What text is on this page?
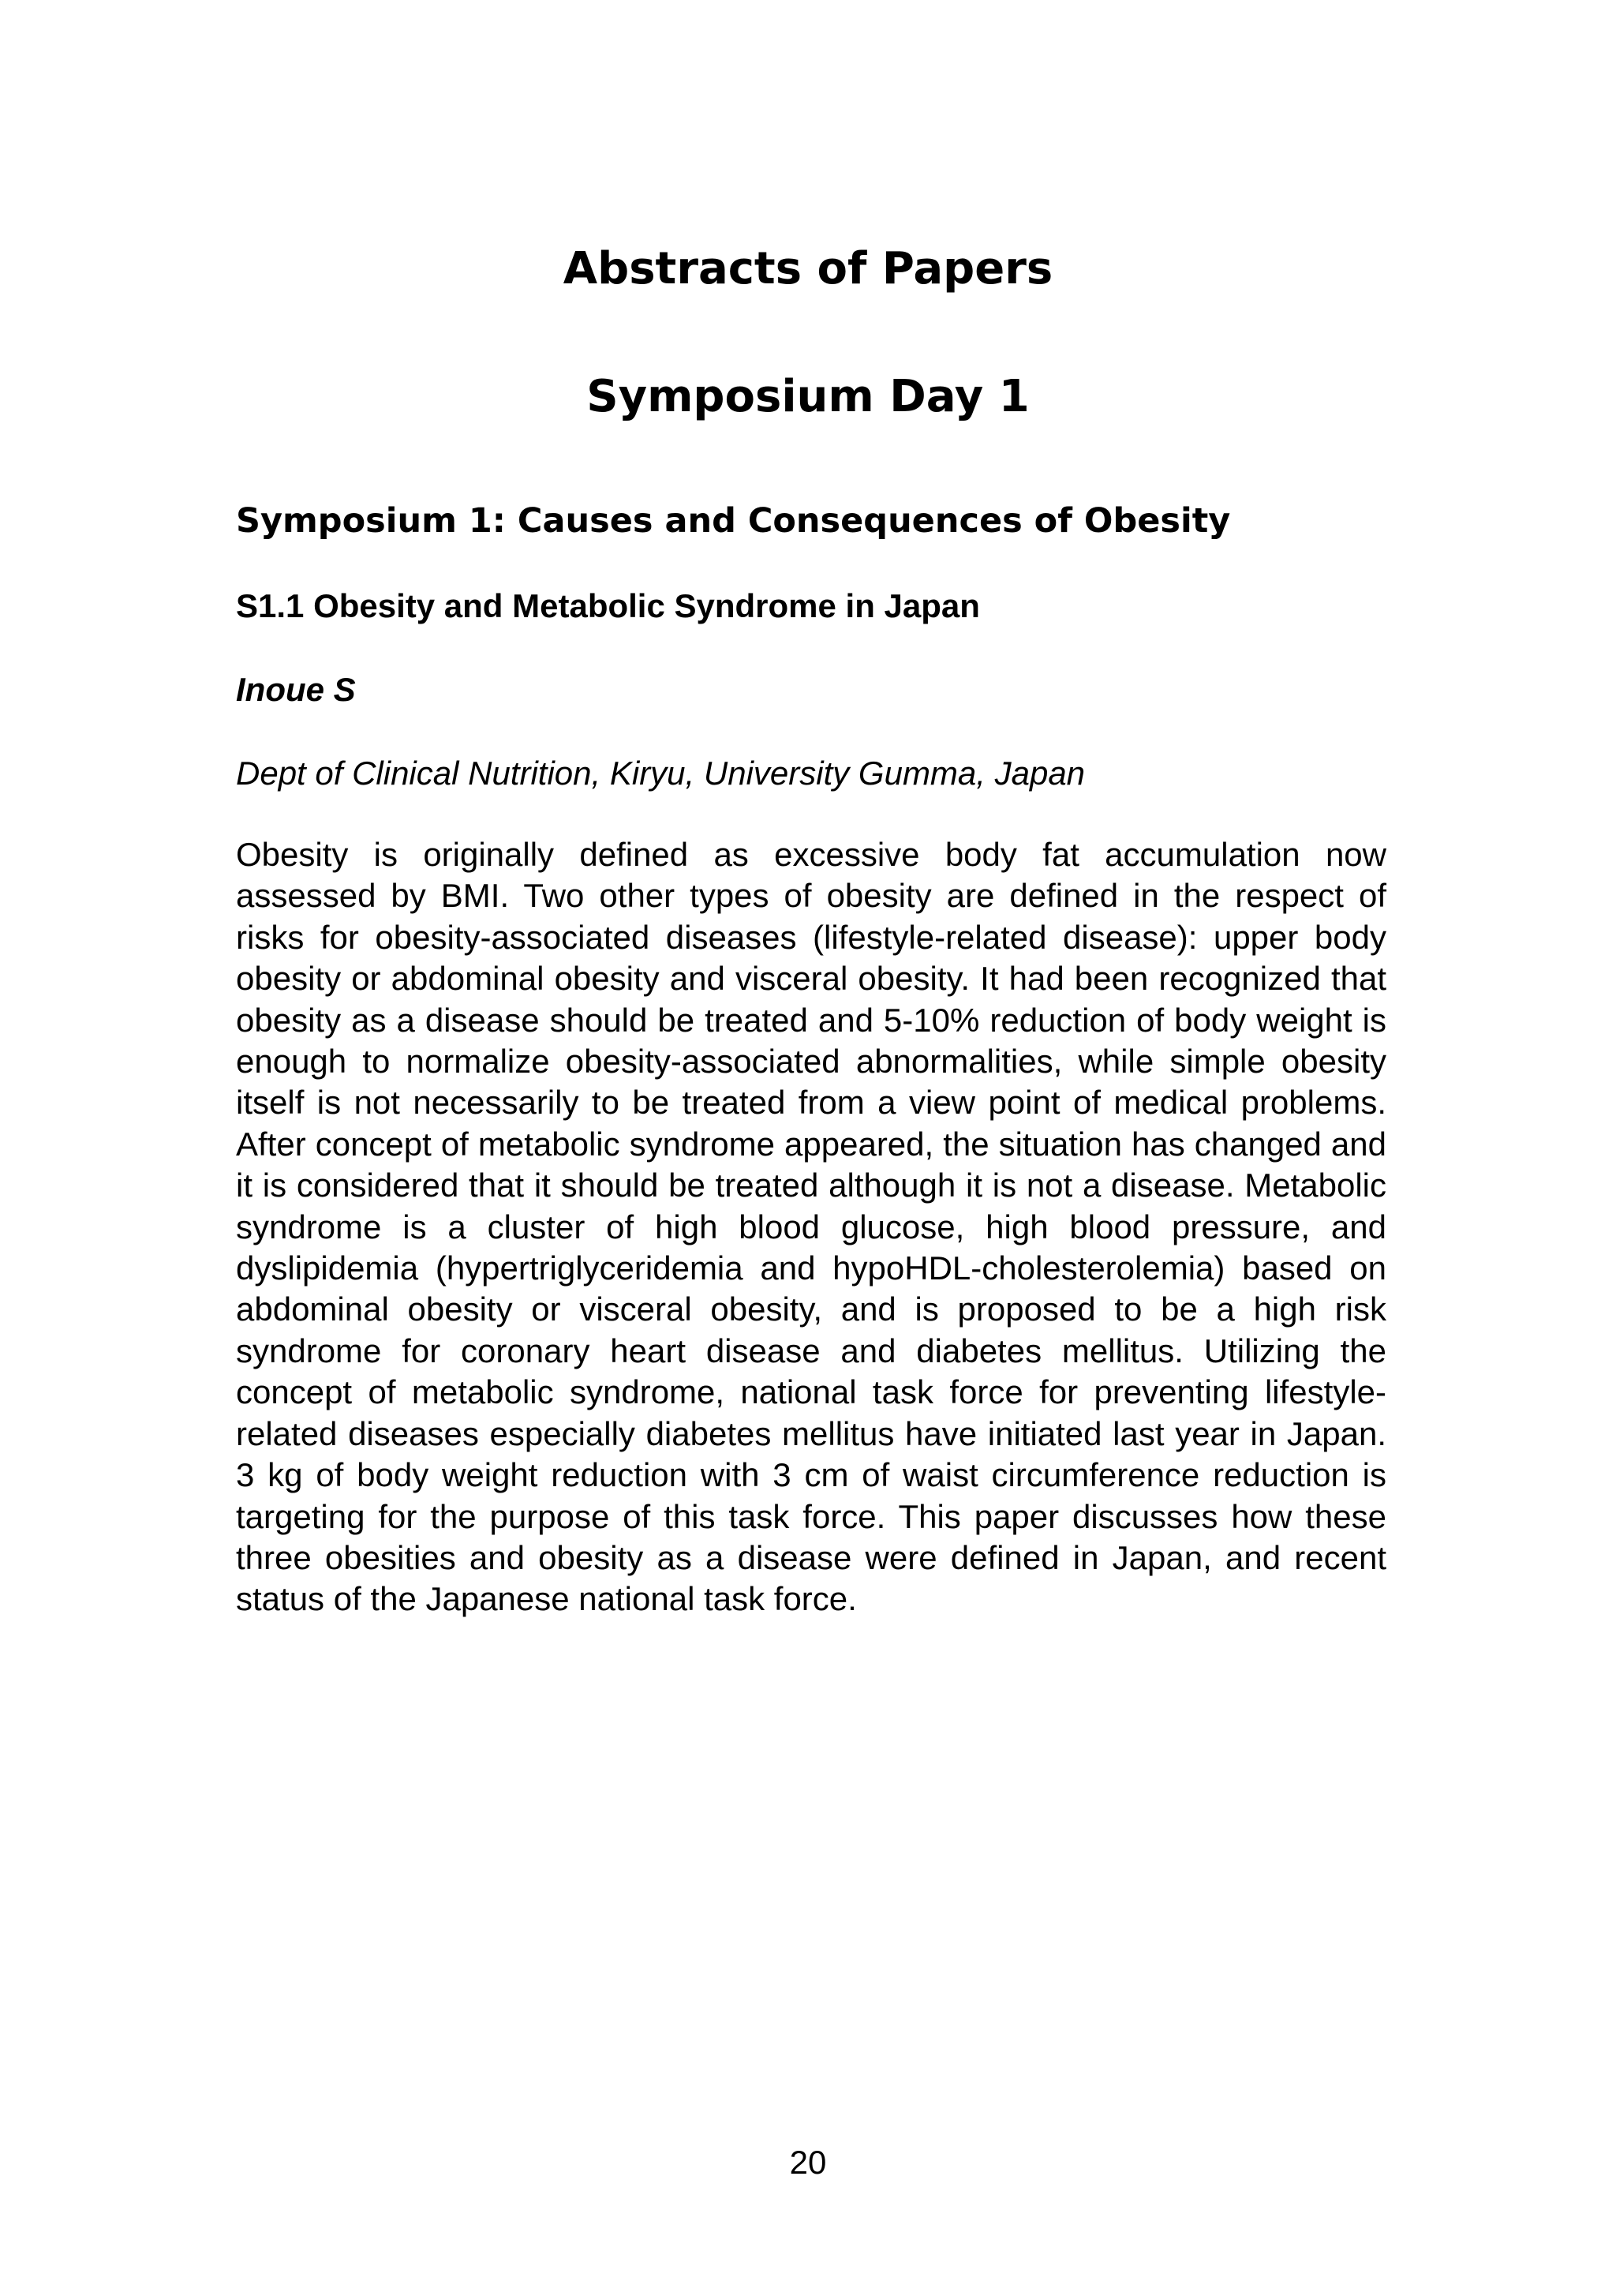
Abstracts of Papers
Symposium Day 1
Symposium 1: Causes and Consequences of Obesity
S1.1 Obesity and Metabolic Syndrome in Japan

Inoue S

Dept of Clinical Nutrition, Kiryu, University Gumma, Japan

Obesity is originally defined as excessive body fat accumulation now assessed by BMI. Two other types of obesity are defined in the respect of risks for obesity-associated diseases (lifestyle-related disease): upper body obesity or abdominal obesity and visceral obesity. It had been recognized that obesity as a disease should be treated and 5-10% reduction of body weight is enough to normalize obesity-associated abnormalities, while simple obesity itself is not necessarily to be treated from a view point of medical problems. After concept of metabolic syndrome appeared, the situation has changed and it is considered that it should be treated although it is not a disease. Metabolic syndrome is a cluster of high blood glucose, high blood pressure, and dyslipidemia (hypertriglyceridemia and hypoHDL-cholesterolemia) based on abdominal obesity or visceral obesity, and is proposed to be a high risk syndrome for coronary heart disease and diabetes mellitus. Utilizing the concept of metabolic syndrome, national task force for preventing lifestyle-related diseases especially diabetes mellitus have initiated last year in Japan. 3 kg of body weight reduction with 3 cm of waist circumference reduction is targeting for the purpose of this task force. This paper discusses how these three obesities and obesity as a disease were defined in Japan, and recent status of the Japanese national task force.

20
